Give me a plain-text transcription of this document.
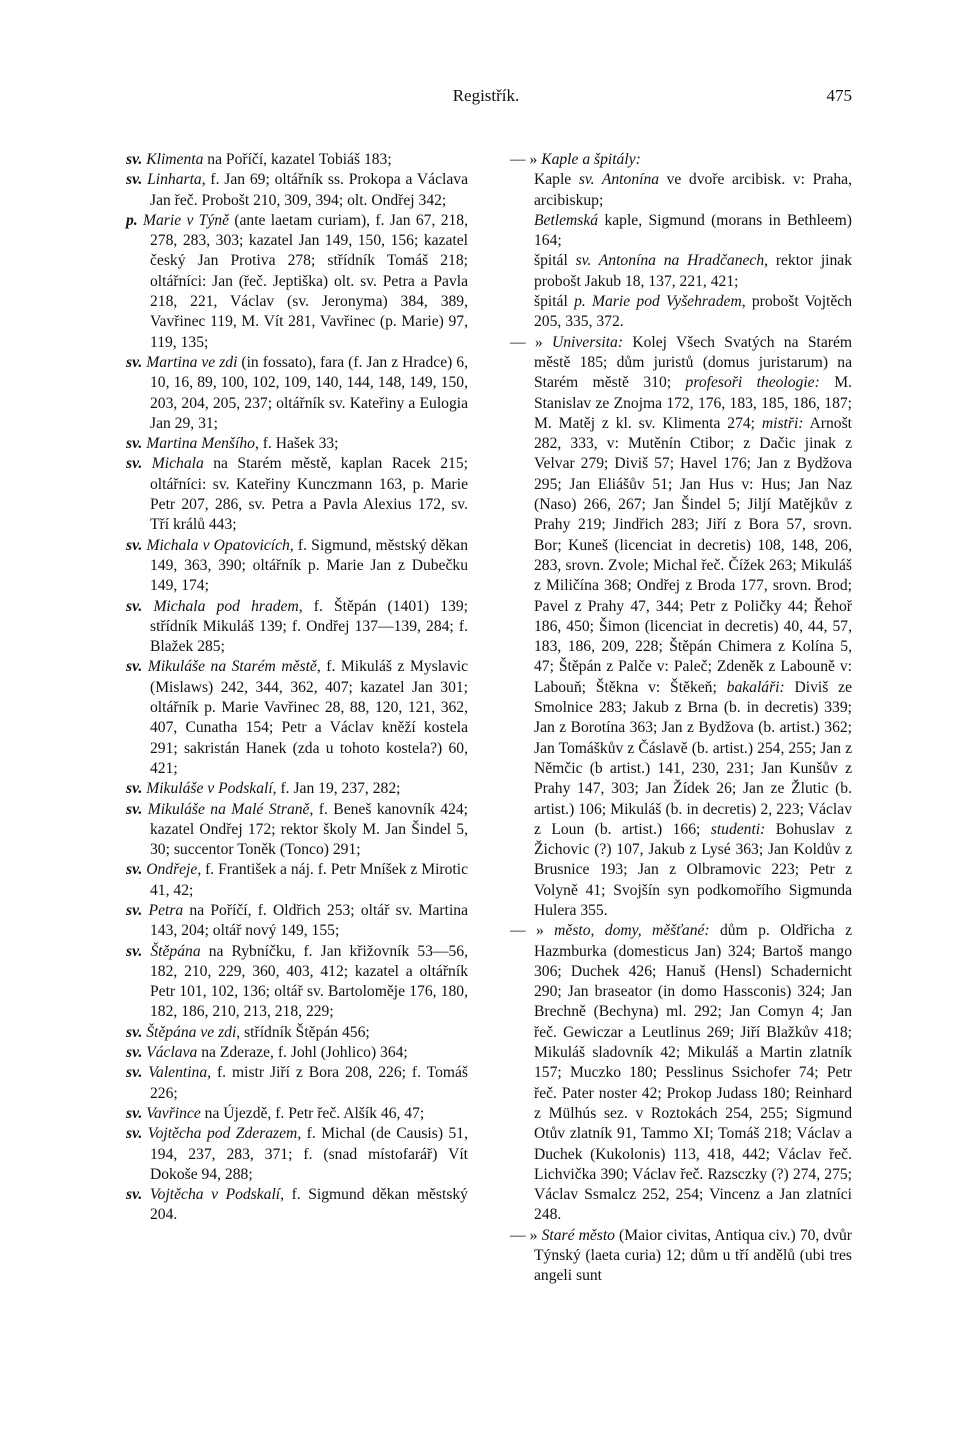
Registřík.	475

sv. Klimenta na Poříčí, kazatel Tobiáš 183;

sv. Linharta, f. Jan 69; oltářník ss. Prokopa a Václava Jan řeč. Probošt 210, 309, 394; olt. Ondřej 342;

p. Marie v Týně (ante laetam curiam), f. Jan 67, 218, 278, 283, 303; kazatel Jan 149, 150, 156; kazatel český Jan Protiva 278; střídník Tomáš 218; oltářníci: Jan (řeč. Jeptiška) olt. sv. Petra a Pavla 218, 221, Václav (sv. Jeronyma) 384, 389, Vavřinec 119, M. Vít 281, Vavřinec (p. Marie) 97, 119, 135;

sv. Martina ve zdi (in fossato), fara (f. Jan z Hradce) 6, 10, 16, 89, 100, 102, 109, 140, 144, 148, 149, 150, 203, 204, 205, 237; oltářník sv. Kateřiny a Eulogia Jan 29, 31;

sv. Martina Menšího, f. Hašek 33;

sv. Michala na Starém městě, kaplan Racek 215; oltářníci: sv. Kateřiny Kunczmann 163, p. Marie Petr 207, 286, sv. Petra a Pavla Alexius 172, sv. Tří králů 443;

sv. Michala v Opatovicích, f. Sigmund, městský děkan 149, 363, 390; oltářník p. Marie Jan z Dubečku 149, 174;

sv. Michala pod hradem, f. Štěpán (1401) 139; střídník Mikuláš 139; f. Ondřej 137—139, 284; f. Blažek 285;

sv. Mikuláše na Starém městě, f. Mikuláš z Myslavic (Mislaws) 242, 344, 362, 407; kazatel Jan 301; oltářník p. Marie Vavřinec 28, 88, 120, 121, 362, 407, Cunatha 154; Petr a Václav kněží kostela 291; sakristán Hanek (zda u tohoto kostela?) 60, 421;

sv. Mikuláše v Podskalí, f. Jan 19, 237, 282;

sv. Mikuláše na Malé Straně, f. Beneš kanovník 424; kazatel Ondřej 172; rektor školy M. Jan Šindel 5, 30; succentor Toněk (Tonco) 291;

sv. Ondřeje, f. František a náj. f. Petr Mníšek z Mirotic 41, 42;

sv. Petra na Poříčí, f. Oldřich 253; oltář sv. Martina 143, 204; oltář nový 149, 155;

sv. Štěpána na Rybníčku, f. Jan křižovník 53—56, 182, 210, 229, 360, 403, 412; kazatel a oltářník Petr 101, 102, 136; oltář sv. Bartoloměje 176, 180, 182, 186, 210, 213, 218, 229;

sv. Štěpána ve zdi, střídník Štěpán 456;

sv. Václava na Zderaze, f. Johl (Johlico) 364;

sv. Valentina, f. mistr Jiří z Bora 208, 226; f. Tomáš 226;

sv. Vavřince na Újezdě, f. Petr řeč. Alšík 46, 47;

sv. Vojtěcha pod Zderazem, f. Michal (de Causis) 51, 194, 237, 283, 371; f. (snad místofarář) Vít Dokoše 94, 288;

sv. Vojtěcha v Podskalí, f. Sigmund děkan městský 204.

— » Kaple a špitály:

Kaple sv. Antonína ve dvoře arcibisk. v: Praha, arcibiskup;

Betlemská kaple, Sigmund (morans in Bethleem) 164;

špitál sv. Antonína na Hradčanech, rektor jinak probošt Jakub 18, 137, 221, 421;

špitál p. Marie pod Vyšehradem, probošt Vojtěch 205, 335, 372.

— » Universita: Kolej Všech Svatých na Starém městě 185; dům juristů (domus juristarum) na Starém městě 310; profesoři theologie: M. Stanislav ze Znojma 172, 176, 183, 185, 186, 187; M. Matěj z kl. sv. Klimenta 274; mistři: Arnošt 282, 333, v: Mutěnín Ctibor; z Dačic jinak z Velvar 279; Diviš 57; Havel 176; Jan z Bydžova 295; Jan Eliášův 51; Jan Hus v: Hus; Jan Naz (Naso) 266, 267; Jan Šindel 5; Jiljí Matějkův z Prahy 219; Jindřich 283; Jiří z Bora 57, srovn. Bor; Kuneš (licenciat in decretis) 108, 148, 206, 283, srovn. Zvole; Michal řeč. Čížek 263; Mikuláš z Miličína 368; Ondřej z Broda 177, srovn. Brod; Pavel z Prahy 47, 344; Petr z Poličky 44; Řehoř 186, 450; Šimon (licenciat in decretis) 40, 44, 57, 183, 186, 209, 228; Štěpán Chimera z Kolína 5, 47; Štěpán z Palče v: Paleč; Zdeněk z Labouně v: Labouň; Štěkna v: Štěkeň; bakaláři: Diviš ze Smolnice 283; Jakub z Brna (b. in decretis) 339; Jan z Borotína 363; Jan z Bydžova (b. artist.) 362; Jan Tomáškův z Čáslavě (b. artist.) 254, 255; Jan z Němčic (b artist.) 141, 230, 231; Jan Kunšův z Prahy 147, 303; Jan Žídek 26; Jan ze Žlutic (b. artist.) 106; Mikuláš (b. in decretis) 2, 223; Václav z Loun (b. artist.) 166; studenti: Bohuslav z Žichovic (?) 107, Jakub z Lysé 363; Jan Koldův z Brusnice 193; Jan z Olbramovic 223; Petr z Volyně 41; Svojšín syn podkomořího Sigmunda Hulera 355.

— » město, domy, měšťané: dům p. Oldřicha z Hazmburka (domesticus Jan) 324; Bartoš mango 306; Duchek 426; Hanuš (Hensl) Schadernicht 290; Jan braseator (in domo Hassconis) 324; Jan Brechně (Bechyna) ml. 292; Jan Comyn 4; Jan řeč. Gewiczar a Leutlinus 269; Jiří Blažkův 418; Mikuláš sladovník 42; Mikuláš a Martin zlatník 157; Muczko 180; Pesslinus Ssichofer 74; Petr řeč. Pater noster 42; Prokop Judass 180; Reinhard z Mülhús sez. v Roztokách 254, 255; Sigmund Otův zlatník 91, Tammo XI; Tomáš 218; Václav a Duchek (Kukolonis) 113, 418, 442; Václav řeč. Lichvička 390; Václav řeč. Razsczky (?) 274, 275; Václav Ssmalcz 252, 254; Vincenz a Jan zlatníci 248.

— » Staré město (Maior civitas, Antiqua civ.) 70, dvůr Týnský (laeta curia) 12; dům u tří andělů (ubi tres angeli sunt
